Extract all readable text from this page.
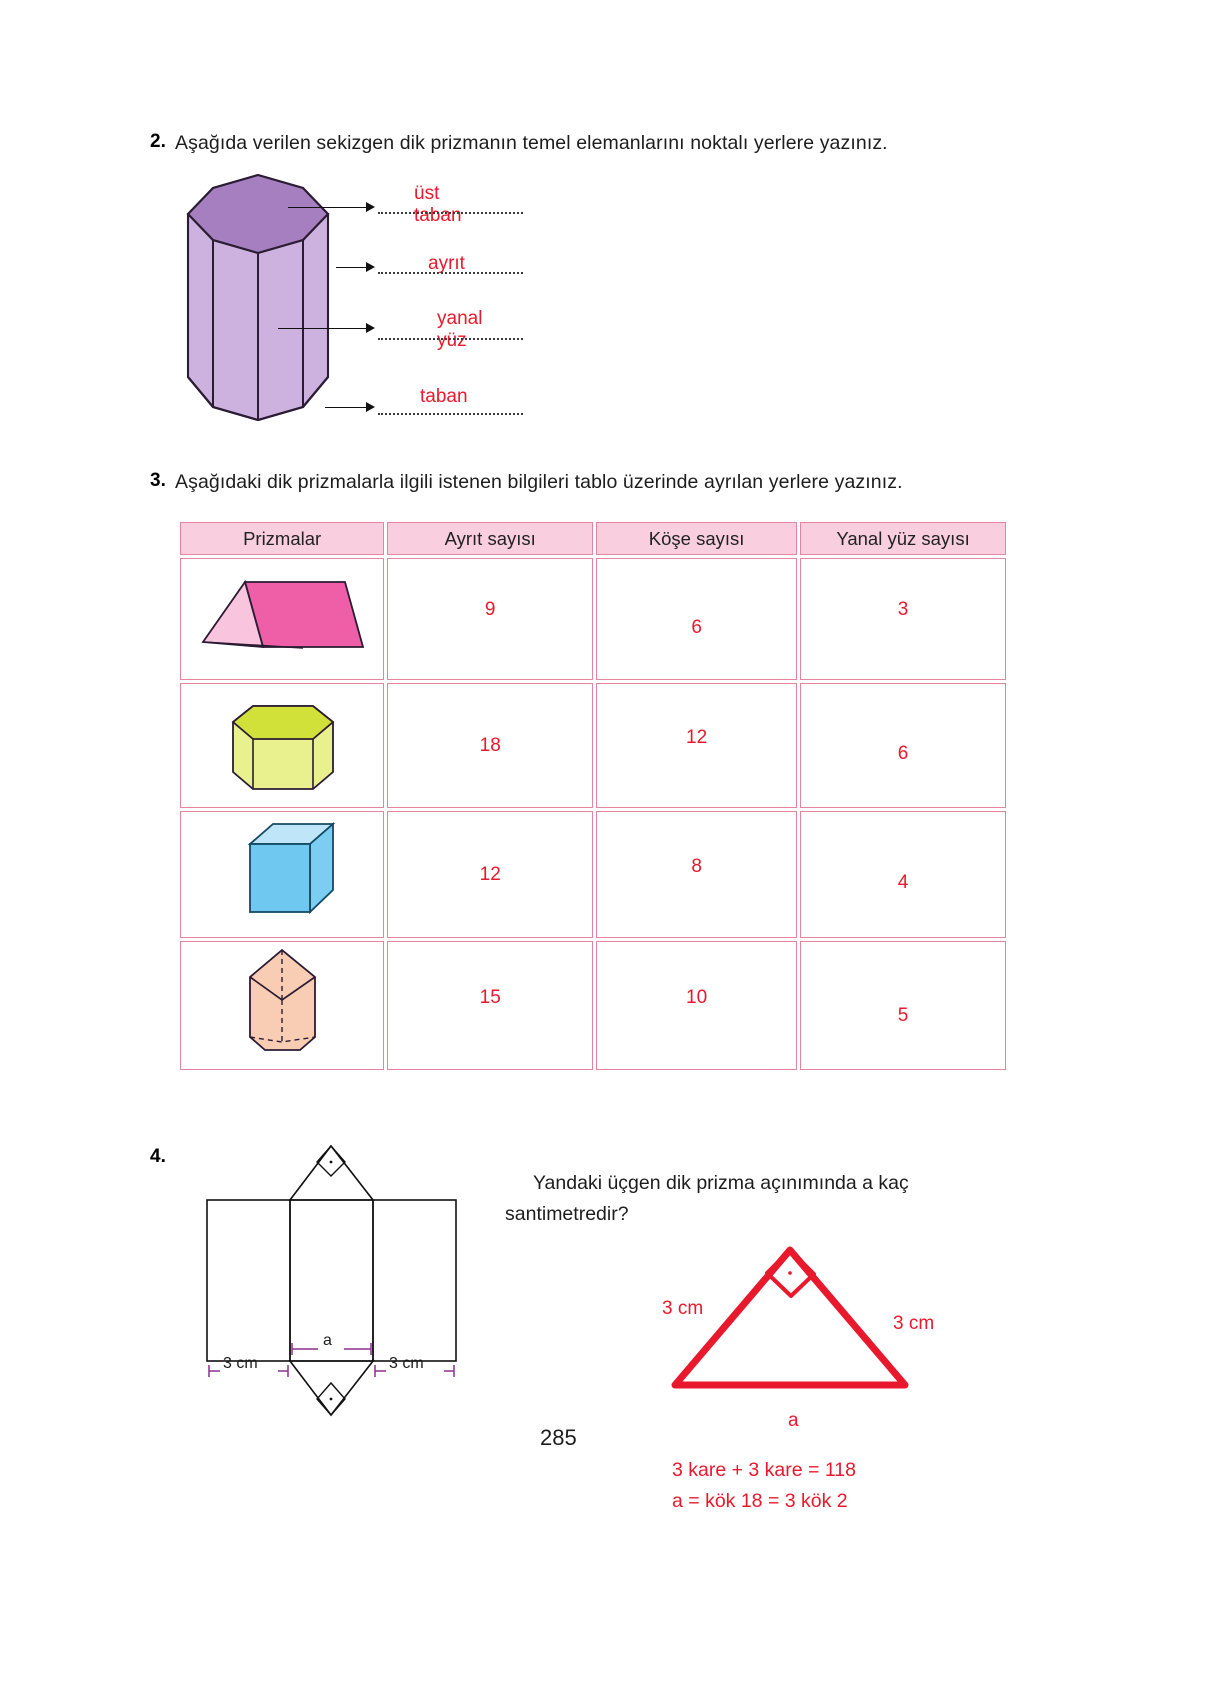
2. Aşağıda verilen sekizgen dik prizmanın temel elemanlarını noktalı yerlere yazınız.
üst taban
ayrıt
yanal yüz
taban
3. Aşağıdaki dik prizmalarla ilgili istenen bilgileri tablo üzerinde ayrılan yerlere yazınız.
Prizmalar	Ayrıt sayısı	Köşe sayısı	Yanal yüz sayısı

9	6	3

18	12	6

12	8	4

15	10	5
4.
Yandaki üçgen dik prizma açınımında a kaç santimetredir?
a
3 cm	3 cm
3 cm
3 cm
a
3 kare + 3 kare = 118
a = kök 18 = 3 kök 2
285
